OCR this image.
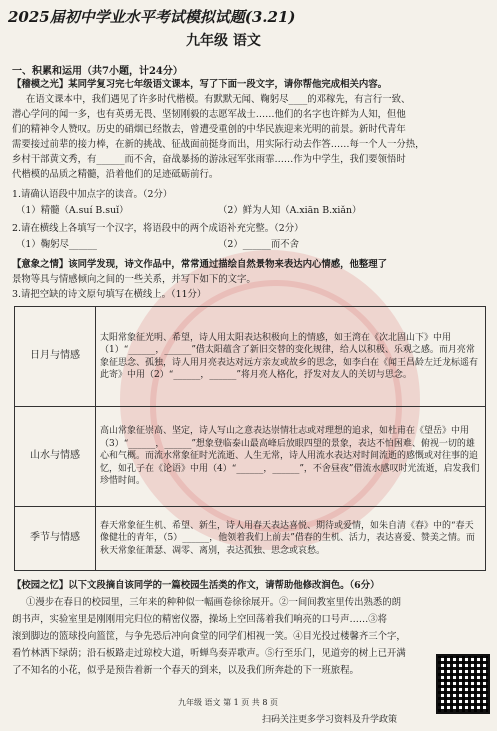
2025届初中学业水平考试模拟试题(3.21)
九年级 语文
一、积累和运用（共7小题，计24分）
【稽模之光】某同学复习完七年级语文课本，写了下面一段文字，请你帮他完成相关内容。
在语文课本中，我们遇见了许多时代楷模。有默默无闻、鞠躬尽____的邓稼先，有言行一致、
潜心学问的闻一多，也有英勇无畏、坚韧刚毅的志愿军战士……他们的名字也许鲜为人知，但他
们的精神令人赞叹。历史的硝烟已经散去，曾遭受重创的中华民族迎来光明的前景。新时代青年
需要接过前辈的接力棒，在新的挑战、征战面前挺身而出，用实际行动去作答……每一个人一分热，
乡村干部黄文秀，有______而不舍，奋战暴扬的游泳冠军张雨霏……作为中学生，我们要领悟时
代楷模的品质之精髓，沿着他们的足迹砥砺前行。
1.请确认语段中加点字的读音。（2分）
（1）精髓（A.suí B.suǐ）	（2）鲜为人知（A.xiān B.xiǎn）
2.请在横线上各填写一个汉字，将语段中的两个成语补充完整。（2分）
（1）鞠躬尽______	（2）______而不舍
【意象之情】该同学发现，诗文作品中，常常通过描绘自然景物来表达内心情感，他整理了
景物等具与情感倾向之间的一些关系，并写下如下的文字。
3.请把空缺的诗文原句填写在横线上。（11分）
日月与情感	太阳常象征光明、希望，诗人用太阳表达积极向上的情感，如王湾在《次北固山下》中用（1）“______，______”借太阳蕴含了新旧交替的变化规律，给人以积极、乐观之感。而月亮常象征思念、孤独，诗人用月亮表达对远方亲友或故乡的思念，如李白在《闻王昌龄左迁龙标遥有此寄》中用（2）“______，______”将月亮人格化，抒发对友人的关切与思念。
山水与情感	高山常象征崇高、坚定，诗人写山之意表达崇情壮志或对理想的追求，如杜甫在《望岳》中用（3）“______，______”想象登临泰山最高峰后放眼四望的景象，表达不怕困难、俯视一切的雄心和气概。而流水常象征时光流逝、人生无常，诗人用流水表达对时间流逝的感慨或对往事的追忆，如孔子在《论语》中用（4）“______，______”，不舍昼夜”借流水感叹时光流逝，启发我们珍惜时间。
季节与情感	春天常象征生机、希望、新生，诗人用春天表达喜悦、期待或爱情，如朱自清《春》中的“春天像健壮的青年，（5）______，他领着我们上前去”借春的生机、活力，表达喜爱、赞美之情。而秋天常象征萧瑟、凋零、离别，表达孤独、思念或哀愁。
【校园之忆】以下文段摘自该同学的一篇校园生活类的作文，请帮助他修改润色。（6分）
①漫步在春日的校园里，三年来的种种似一幅画卷徐徐展开。②一间间教室里传出熟悉的朗
朗书声，实验室里是刚刚用完归位的精密仪器，操场上空回荡着我们响亮的口号声……③将
滚到脚边的篮球投向篮筐，与争先恐后冲向食堂的同学们相视一笑。④目光投过楼馨齐三个字，
看竹林洒下绿荫；沿石板路走过琼校大道，听蝉鸟奏弄歌声。⑤行至乐门，见道旁的树上已开满
了不知名的小花，似乎是预告着新一个春天的到来，以及我们所奔赴的下一班旅程。
九年级 语文 第 1 页 共 8 页
扫码关注更多学习资料及升学政策
